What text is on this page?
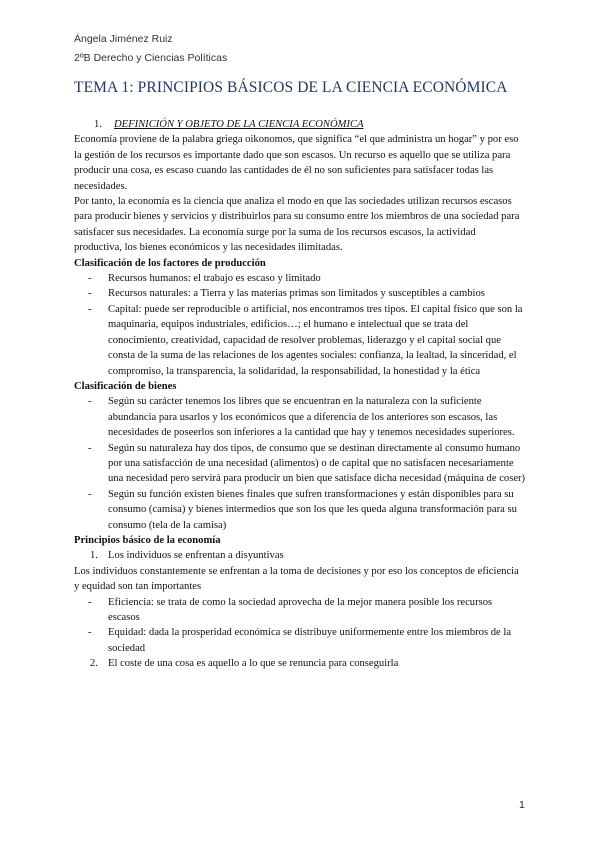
Ángela Jiménez Ruiz
2ºB Derecho y Ciencias Políticas
TEMA 1: PRINCIPIOS BÁSICOS DE LA CIENCIA ECONÓMICA

1. DEFINICIÓN Y OBJETO DE LA CIENCIA ECONÓMICA

Economía proviene de la palabra griega oikonomos, que significa “el que administra un hogar” y por eso la gestión de los recursos es importante dado que son escasos. Un recurso es aquello que se utiliza para producir una cosa, es escaso cuando las cantidades de él no son suficientes para satisfacer todas las necesidades.

Por tanto, la economía es la ciencia que analiza el modo en que las sociedades utilizan recursos escasos para producir bienes y servicios y distribuirlos para su consumo entre los miembros de una sociedad para satisfacer sus necesidades. La economía surge por la suma de los recursos escasos, la actividad productiva, los bienes económicos y las necesidades ilimitadas.

Clasificación de los factores de producción

- Recursos humanos: el trabajo es escaso y limitado
- Recursos naturales: a Tierra y las materias primas son limitados y susceptibles a cambios
- Capital: puede ser reproducible o artificial, nos encontramos tres tipos. El capital físico que son la maquinaria, equipos industriales, edificios…; el humano e intelectual que se trata del conocimiento, creatividad, capacidad de resolver problemas, liderazgo y el capital social que consta de la suma de las relaciones de los agentes sociales: confianza, la lealtad, la sinceridad, el compromiso, la transparencia, la solidaridad, la responsabilidad, la honestidad y la ética

Clasificación de bienes

- Según su carácter tenemos los libres que se encuentran en la naturaleza con la suficiente abundancia para usarlos y los económicos que a diferencia de los anteriores son escasos, las necesidades de poseerlos son inferiores a la cantidad que hay y tenemos necesidades superiores.
- Según su naturaleza hay dos tipos, de consumo que se destinan directamente al consumo humano por una satisfacción de una necesidad (alimentos) o de capital que no satisfacen necesariamente una necesidad pero servirá para producir un bien que satisface dicha necesidad (máquina de coser)
- Según su función existen bienes finales que sufren transformaciones y están disponibles para su consumo (camisa) y bienes intermedios que son los que les queda alguna transformación para su consumo (tela de la camisa)

Principios básico de la economía

1. Los individuos se enfrentan a disyuntivas

Los individuos constantemente se enfrentan a la toma de decisiones y por eso los conceptos de eficiencia y equidad son tan importantes

- Eficiencia: se trata de como la sociedad aprovecha de la mejor manera posible los recursos escasos
- Equidad: dada la prosperidad económica se distribuye uniformemente entre los miembros de la sociedad
2. El coste de una cosa es aquello a lo que se renuncia para conseguirla
1
